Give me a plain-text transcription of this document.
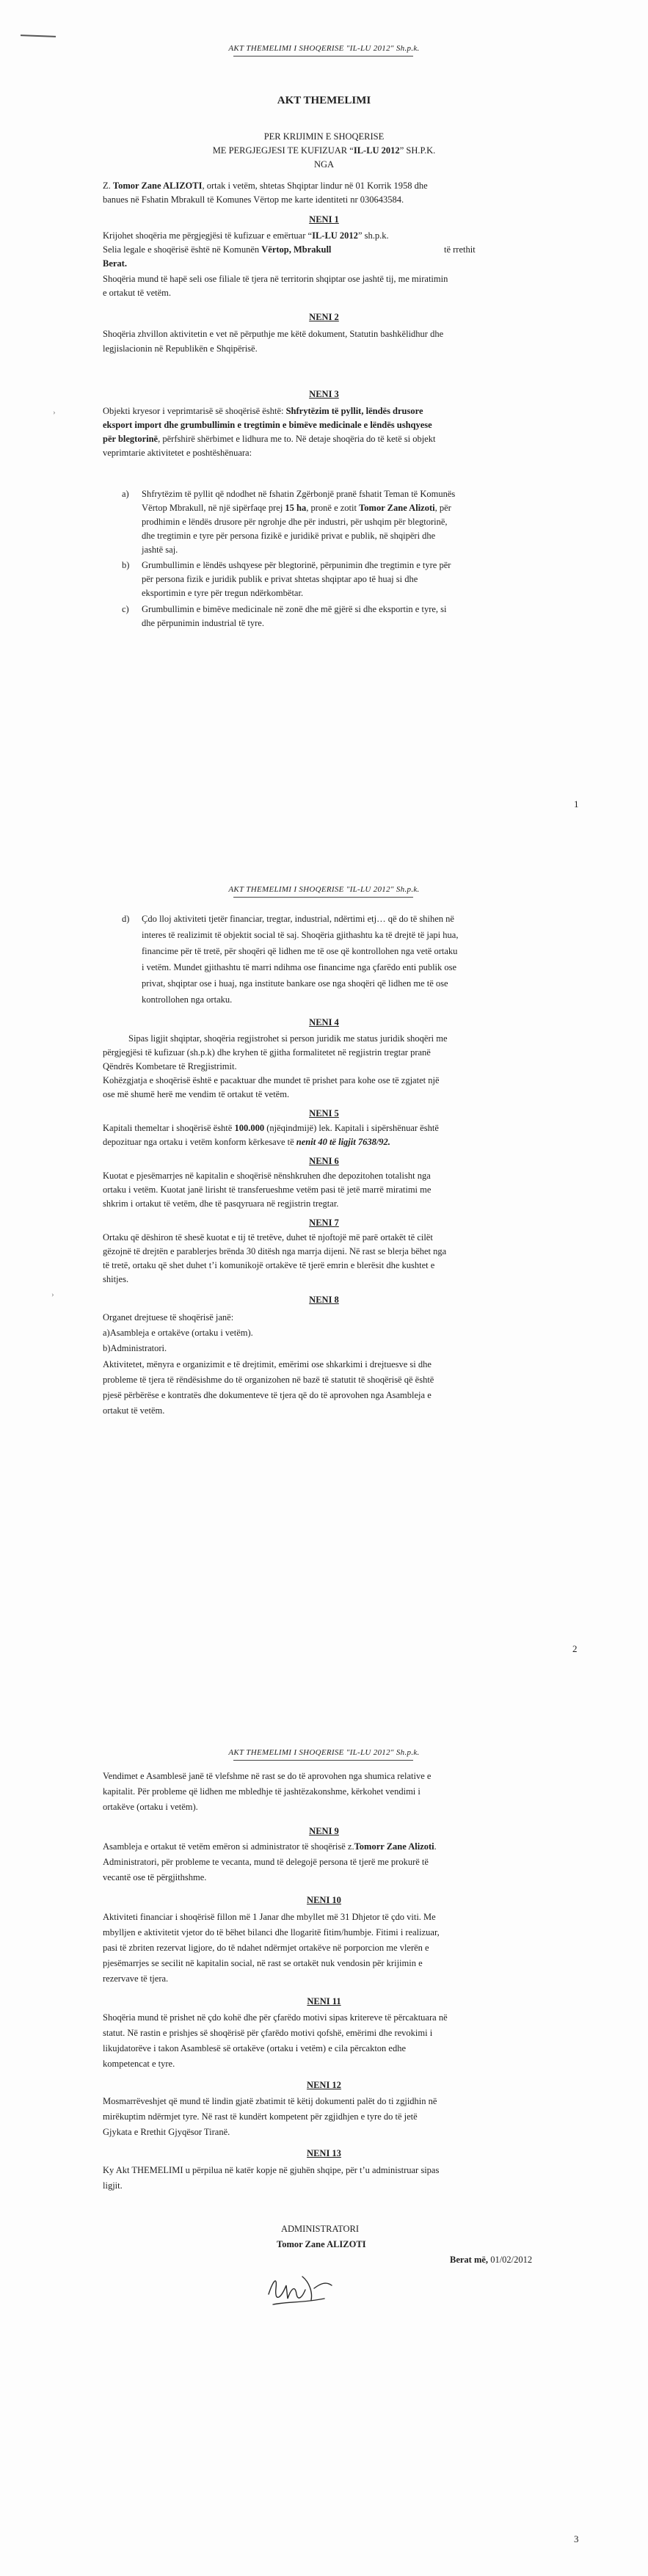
AKT THEMELIMI I SHOQERISE "IL-LU 2012" Sh.p.k.
AKT THEMELIMI
PER KRIJIMIN E SHOQERISE
ME PERGJEGJESI TE KUFIZUAR “IL-LU 2012” SH.P.K.
NGA
Z. Tomor Zane ALIZOTI, ortak i vetëm, shtetas Shqiptar lindur në 01 Korrik 1958 dhe
banues në Fshatin Mbrakull të Komunes Vërtop me karte identiteti nr 030643584.
NENI 1
Krijohet shoqëria me përgjegjësi të kufizuar e emërtuar “IL-LU 2012” sh.p.k.
Selia legale e shoqërisë është në Komunën Vërtop, Mbrakull	të rrethit
Berat.
Shoqëria mund të hapë seli ose filiale të tjera në territorin shqiptar ose jashtë tij, me miratimin
e ortakut të vetëm.
NENI 2
Shoqëria zhvillon aktivitetin e vet në përputhje me këtë dokument, Statutin bashkëlidhur dhe
legjislacionin në Republikën e Shqipërisë.
NENI 3
Objekti kryesor i veprimtarisë së shoqërisë është: Shfrytëzim të pyllit, lëndës drusore
eksport import dhe grumbullimin e tregtimin e bimëve medicinale e lëndës ushqyese
për blegtorinë, përfshirë shërbimet e lidhura me to. Në detaje shoqëria do të ketë si objekt
veprimtarie aktivitetet e poshtëshënuara:
a) Shfrytëzim të pyllit që ndodhet në fshatin Zgërbonjë pranë fshatit Teman të Komunës
Vërtop Mbrakull, në një sipërfaqe prej 15 ha, pronë e zotit Tomor Zane Alizoti, për
prodhimin e lëndës drusore për ngrohje dhe për industri, për ushqim për blegtorinë,
dhe tregtimin e tyre për persona fizikë e juridikë privat e publik, në shqipëri dhe
jashtë saj.
b) Grumbullimin e lëndës ushqyese për blegtorinë, përpunimin dhe tregtimin e tyre për
për persona fizik e juridik publik e privat shtetas shqiptar apo të huaj si dhe
eksportimin e tyre për tregun ndërkombëtar.
c) Grumbullimin e bimëve medicinale në zonë dhe më gjërë si dhe eksportin e tyre, si
dhe përpunimin industrial të tyre.
1
›
AKT THEMELIMI I SHOQERISE "IL-LU 2012" Sh.p.k.
d) Çdo lloj aktiviteti tjetër financiar, tregtar, industrial, ndërtimi etj… që do të shihen në
interes të realizimit të objektit social të saj. Shoqëria gjithashtu ka të drejtë të japi hua,
financime për të tretë, për shoqëri që lidhen me të ose që kontrollohen nga vetë ortaku
i vetëm. Mundet gjithashtu të marri ndihma ose financime nga çfarëdo enti publik ose
privat, shqiptar ose i huaj, nga institute bankare ose nga shoqëri që lidhen me të ose
kontrollohen nga ortaku.
NENI 4
Sipas ligjit shqiptar, shoqëria regjistrohet si person juridik me status juridik shoqëri me
përgjegjësi të kufizuar (sh.p.k) dhe kryhen të gjitha formalitetet në regjistrin tregtar pranë
Qëndrës Kombetare të Rregjistrimit.
Kohëzgjatja e shoqërisë është e pacaktuar dhe mundet të prishet para kohe ose të zgjatet një
ose më shumë herë me vendim të ortakut të vetëm.
NENI 5
Kapitali themeltar i shoqërisë është 100.000 (njëqindmijë) lek. Kapitali i sipërshënuar është
depozituar nga ortaku i vetëm konform kërkesave të nenit 40 të ligjit 7638/92.
NENI 6
Kuotat e pjesëmarrjes në kapitalin e shoqërisë nënshkruhen dhe depozitohen totalisht nga
ortaku i vetëm. Kuotat janë lirisht të transferueshme vetëm pasi të jetë marrë miratimi me
shkrim i ortakut të vetëm, dhe të pasqyruara në regjistrin tregtar.
NENI 7
Ortaku që dëshiron të shesë kuotat e tij të tretëve, duhet të njoftojë më parë ortakët të cilët
gëzojnë të drejtën e parablerjes brënda 30 ditësh nga marrja dijeni. Në rast se blerja bëhet nga
të tretë, ortaku që shet duhet t’i komunikojë ortakëve të tjerë emrin e blerësit dhe kushtet e
shitjes.
NENI 8
Organet drejtuese të shoqërisë janë:
a)Asambleja e ortakëve (ortaku i vetëm).
b)Administratori.
Aktivitetet, mënyra e organizimit e të drejtimit, emërimi ose shkarkimi i drejtuesve si dhe
probleme të tjera të rëndësishme do të organizohen në bazë të statutit të shoqërisë që është
pjesë përbërëse e kontratës dhe dokumenteve të tjera që do të aprovohen nga Asambleja e
ortakut të vetëm.
2
›
AKT THEMELIMI I SHOQERISE "IL-LU 2012" Sh.p.k.
Vendimet e Asamblesë janë të vlefshme në rast se do të aprovohen nga shumica relative e
kapitalit. Për probleme që lidhen me mbledhje të jashtëzakonshme, kërkohet vendimi i
ortakëve (ortaku i vetëm).
NENI 9
Asambleja e ortakut të vetëm emëron si administrator të shoqërisë z.Tomorr Zane Alizoti.
Administratori, për probleme te vecanta, mund të delegojë persona të tjerë me prokurë të
vecantë ose të përgjithshme.
NENI 10
Aktiviteti financiar i shoqërisë fillon më 1 Janar dhe mbyllet më 31 Dhjetor të çdo viti. Me
mbylljen e aktivitetit vjetor do të bëhet bilanci dhe llogaritë fitim/humbje. Fitimi i realizuar,
pasi të zbriten rezervat ligjore, do të ndahet ndërmjet ortakëve në porporcion me vlerën e
pjesëmarrjes se secilit në kapitalin social, në rast se ortakët nuk vendosin për krijimin e
rezervave të tjera.
NENI 11
Shoqëria mund të prishet në çdo kohë dhe për çfarëdo motivi sipas kritereve të përcaktuara në
statut. Në rastin e prishjes së shoqërisë për çfarëdo motivi qofshë, emërimi dhe revokimi i
likujdatorëve i takon Asamblesë së ortakëve (ortaku i vetëm) e cila përcakton edhe
kompetencat e tyre.
NENI 12
Mosmarrëveshjet që mund të lindin gjatë zbatimit të këtij dokumenti palët do ti zgjidhin në
mirëkuptim ndërmjet tyre. Në rast të kundërt kompetent për zgjidhjen e tyre do të jetë
Gjykata e Rrethit Gjyqësor Tiranë.
NENI 13
Ky Akt THEMELIMI u përpilua në katër kopje në gjuhën shqipe, për t’u administruar sipas
ligjit.
ADMINISTRATORI
Tomor Zane ALIZOTI
Berat më, 01/02/2012
3
